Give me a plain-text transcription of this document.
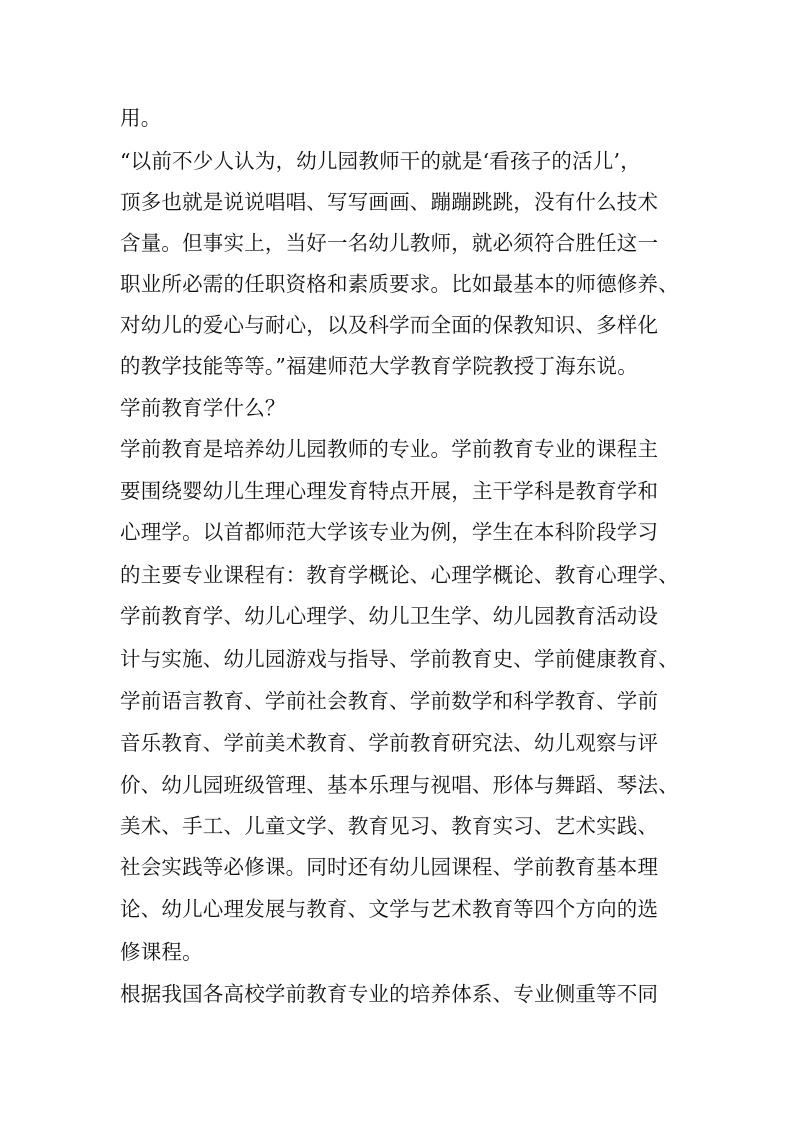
用。
“以前不少人认为，幼儿园教师干的就是‘看孩子的活儿’，
顶多也就是说说唱唱、写写画画、蹦蹦跳跳，没有什么技术
含量。但事实上，当好一名幼儿教师，就必须符合胜任这一
职业所必需的任职资格和素质要求。比如最基本的师德修养、
对幼儿的爱心与耐心，以及科学而全面的保教知识、多样化
的教学技能等等。”福建师范大学教育学院教授丁海东说。
学前教育学什么？
学前教育是培养幼儿园教师的专业。学前教育专业的课程主
要围绕婴幼儿生理心理发育特点开展，主干学科是教育学和
心理学。以首都师范大学该专业为例，学生在本科阶段学习
的主要专业课程有：教育学概论、心理学概论、教育心理学、
学前教育学、幼儿心理学、幼儿卫生学、幼儿园教育活动设
计与实施、幼儿园游戏与指导、学前教育史、学前健康教育、
学前语言教育、学前社会教育、学前数学和科学教育、学前
音乐教育、学前美术教育、学前教育研究法、幼儿观察与评
价、幼儿园班级管理、基本乐理与视唱、形体与舞蹈、琴法、
美术、手工、儿童文学、教育见习、教育实习、艺术实践、
社会实践等必修课。同时还有幼儿园课程、学前教育基本理
论、幼儿心理发展与教育、文学与艺术教育等四个方向的选
修课程。
根据我国各高校学前教育专业的培养体系、专业侧重等不同
